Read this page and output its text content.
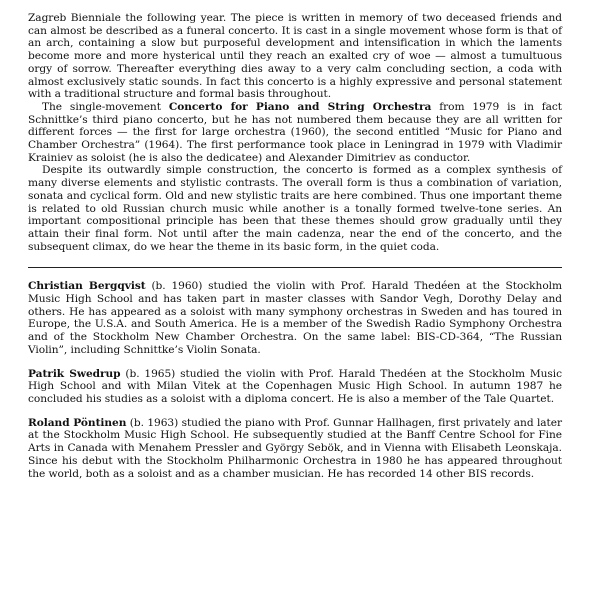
Zagreb Bienniale the following year. The piece is written in memory of two deceased friends and can almost be described as a funeral concerto. It is cast in a single movement whose form is that of an arch, containing a slow but purposeful development and intensification in which the laments become more and more hysterical until they reach an exalted cry of woe — almost a tumultuous orgy of sorrow. Thereafter everything dies away to a very calm concluding section, a coda with almost exclusively static sounds. In fact this concerto is a highly expressive and personal statement with a traditional structure and formal basis throughout.

The single-movement Concerto for Piano and String Orchestra from 1979 is in fact Schnittke’s third piano concerto, but he has not numbered them because they are all written for different forces — the first for large orchestra (1960), the second entitled “Music for Piano and Chamber Orchestra” (1964). The first performance took place in Leningrad in 1979 with Vladimir Krainiev as soloist (he is also the dedicatee) and Alexander Dimitriev as conductor.

Despite its outwardly simple construction, the concerto is formed as a complex synthesis of many diverse elements and stylistic contrasts. The overall form is thus a combination of variation, sonata and cyclical form. Old and new stylistic traits are here combined. Thus one important theme is related to old Russian church music while another is a tonally formed twelve-tone series. An important compositional principle has been that these themes should grow gradually until they attain their final form. Not until after the main cadenza, near the end of the concerto, and the subsequent climax, do we hear the theme in its basic form, in the quiet coda.

Christian Bergqvist (b. 1960) studied the violin with Prof. Harald Thedéen at the Stockholm Music High School and has taken part in master classes with Sandor Vegh, Dorothy Delay and others. He has appeared as a soloist with many symphony orchestras in Sweden and has toured in Europe, the U.S.A. and South America. He is a member of the Swedish Radio Symphony Orchestra and of the Stockholm New Chamber Orchestra. On the same label: BIS-CD-364, “The Russian Violin”, including Schnittke’s Violin Sonata.

Patrik Swedrup (b. 1965) studied the violin with Prof. Harald Thedéen at the Stockholm Music High School and with Milan Vitek at the Copenhagen Music High School. In autumn 1987 he concluded his studies as a soloist with a diploma concert. He is also a member of the Tale Quartet.

Roland Pöntinen (b. 1963) studied the piano with Prof. Gunnar Hallhagen, first privately and later at the Stockholm Music High School. He subsequently studied at the Banff Centre School for Fine Arts in Canada with Menahem Pressler and György Sebök, and in Vienna with Elisabeth Leonskaja. Since his debut with the Stockholm Philharmonic Orchestra in 1980 he has appeared throughout the world, both as a soloist and as a chamber musician. He has recorded 14 other BIS records.
